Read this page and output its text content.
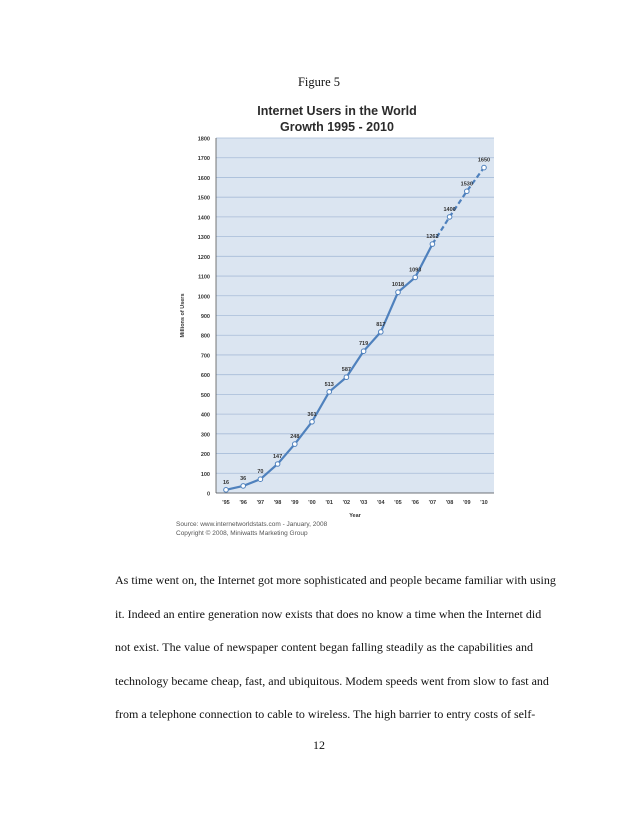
Figure 5
0
100
200
300
400
500
600
700
800
900
1000
1100
1200
1300
1400
1500
1600
1700
1800
'95 '96 '97 '98 '99 '00 '01 '02 '03 '04 '05 '06 '07 '08 '09 '10
Year
Millions of Users
16
36
70
147
248
361
513
587
719
817
1018
1093
1262
1400
1530
1650
Internet Users in the World
Growth 1995 - 2010
Source: www.internetworldstats.com - January, 2008
Copyright © 2008, Miniwatts Marketing Group
As time went on, the Internet got more sophisticated and people became familiar with using
it. Indeed an entire generation now exists that does no know a time when the Internet did
not exist. The value of newspaper content began falling steadily as the capabilities and
technology became cheap, fast, and ubiquitous. Modem speeds went from slow to fast and
from a telephone connection to cable to wireless. The high barrier to entry costs of self-
12
